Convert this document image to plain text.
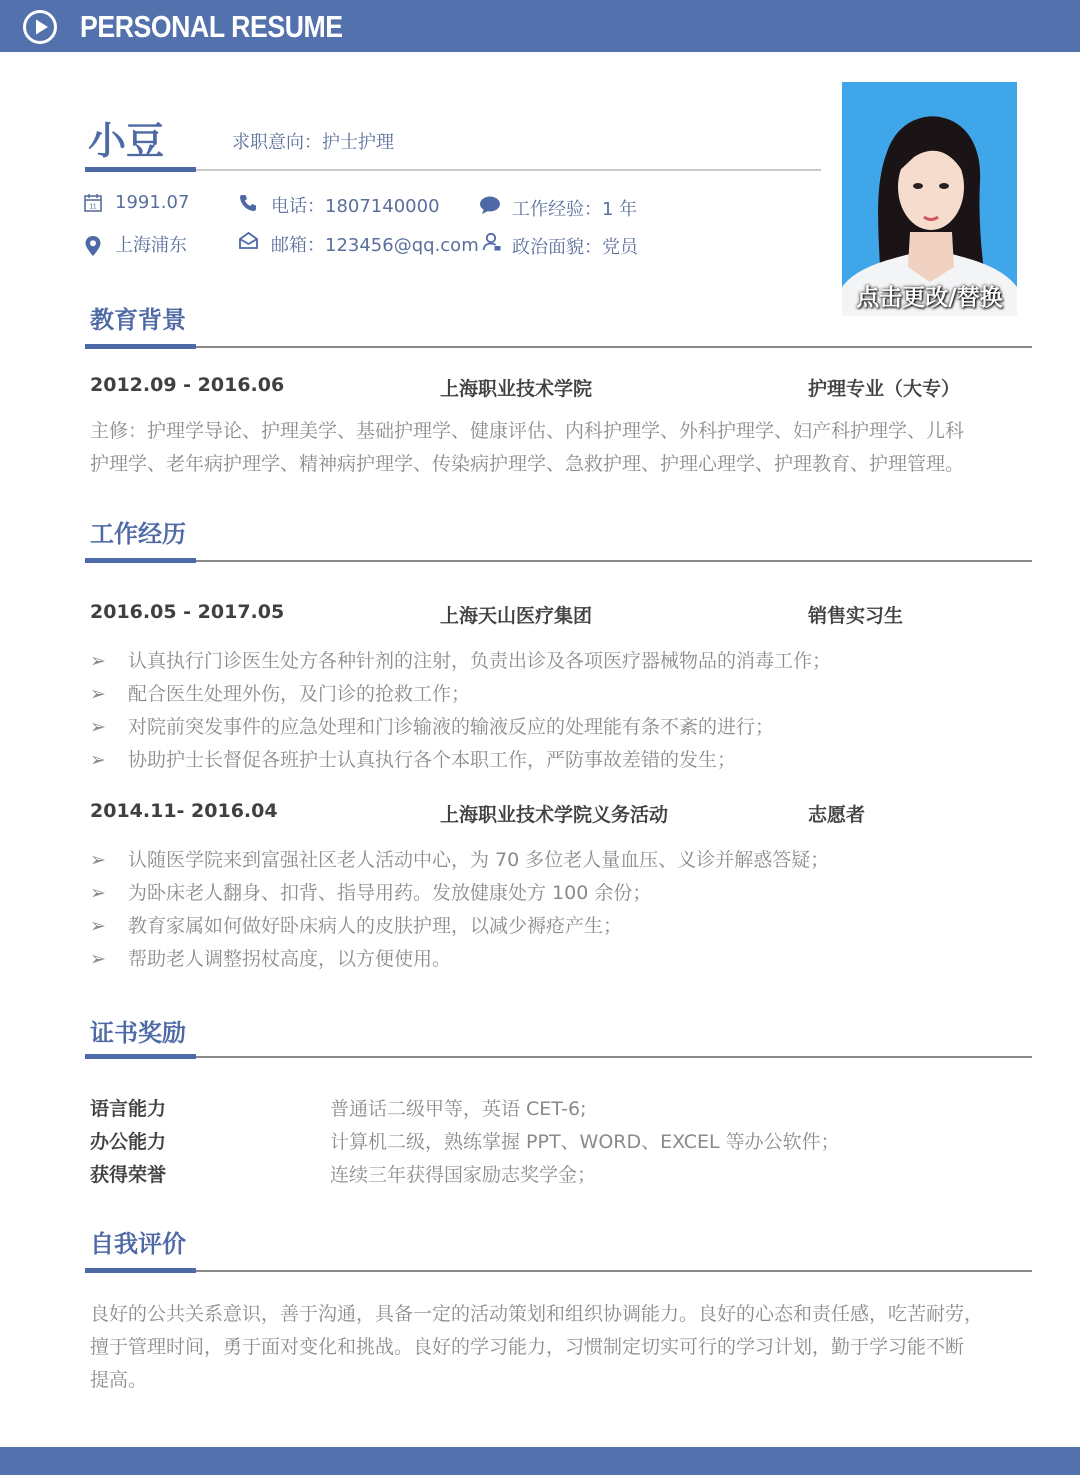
PERSONAL RESUME
小豆	求职意向：护士护理
11 1991.07
上海浦东
电话：1807140000
邮箱：123456@qq.com
工作经验：1 年
政治面貌：党员
点击更改/替换
教育背景
2012.09 - 2016.06	上海职业技术学院	护理专业（大专）
主修：护理学导论、护理美学、基础护理学、健康评估、内科护理学、外科护理学、妇产科护理学、儿科
护理学、老年病护理学、精神病护理学、传染病护理学、急救护理、护理心理学、护理教育、护理管理。
工作经历
2016.05 - 2017.05	上海天山医疗集团	销售实习生
➢ 认真执行门诊医生处方各种针剂的注射，负责出诊及各项医疗器械物品的消毒工作；
➢ 配合医生处理外伤，及门诊的抢救工作；
➢ 对院前突发事件的应急处理和门诊输液的输液反应的处理能有条不紊的进行；
➢ 协助护士长督促各班护士认真执行各个本职工作，严防事故差错的发生；
2014.11- 2016.04	上海职业技术学院义务活动	志愿者
➢ 认随医学院来到富强社区老人活动中心，为 70 多位老人量血压、义诊并解惑答疑；
➢ 为卧床老人翻身、扣背、指导用药。发放健康处方 100 余份；
➢ 教育家属如何做好卧床病人的皮肤护理，以减少褥疮产生；
➢ 帮助老人调整拐杖高度，以方便使用。
证书奖励
语言能力	普通话二级甲等，英语 CET-6;
办公能力	计算机二级，熟练掌握 PPT、WORD、EXCEL 等办公软件；
获得荣誉	连续三年获得国家励志奖学金；
自我评价
良好的公共关系意识，善于沟通，具备一定的活动策划和组织协调能力。良好的心态和责任感，吃苦耐劳，
擅于管理时间，勇于面对变化和挑战。良好的学习能力，习惯制定切实可行的学习计划，勤于学习能不断
提高。
